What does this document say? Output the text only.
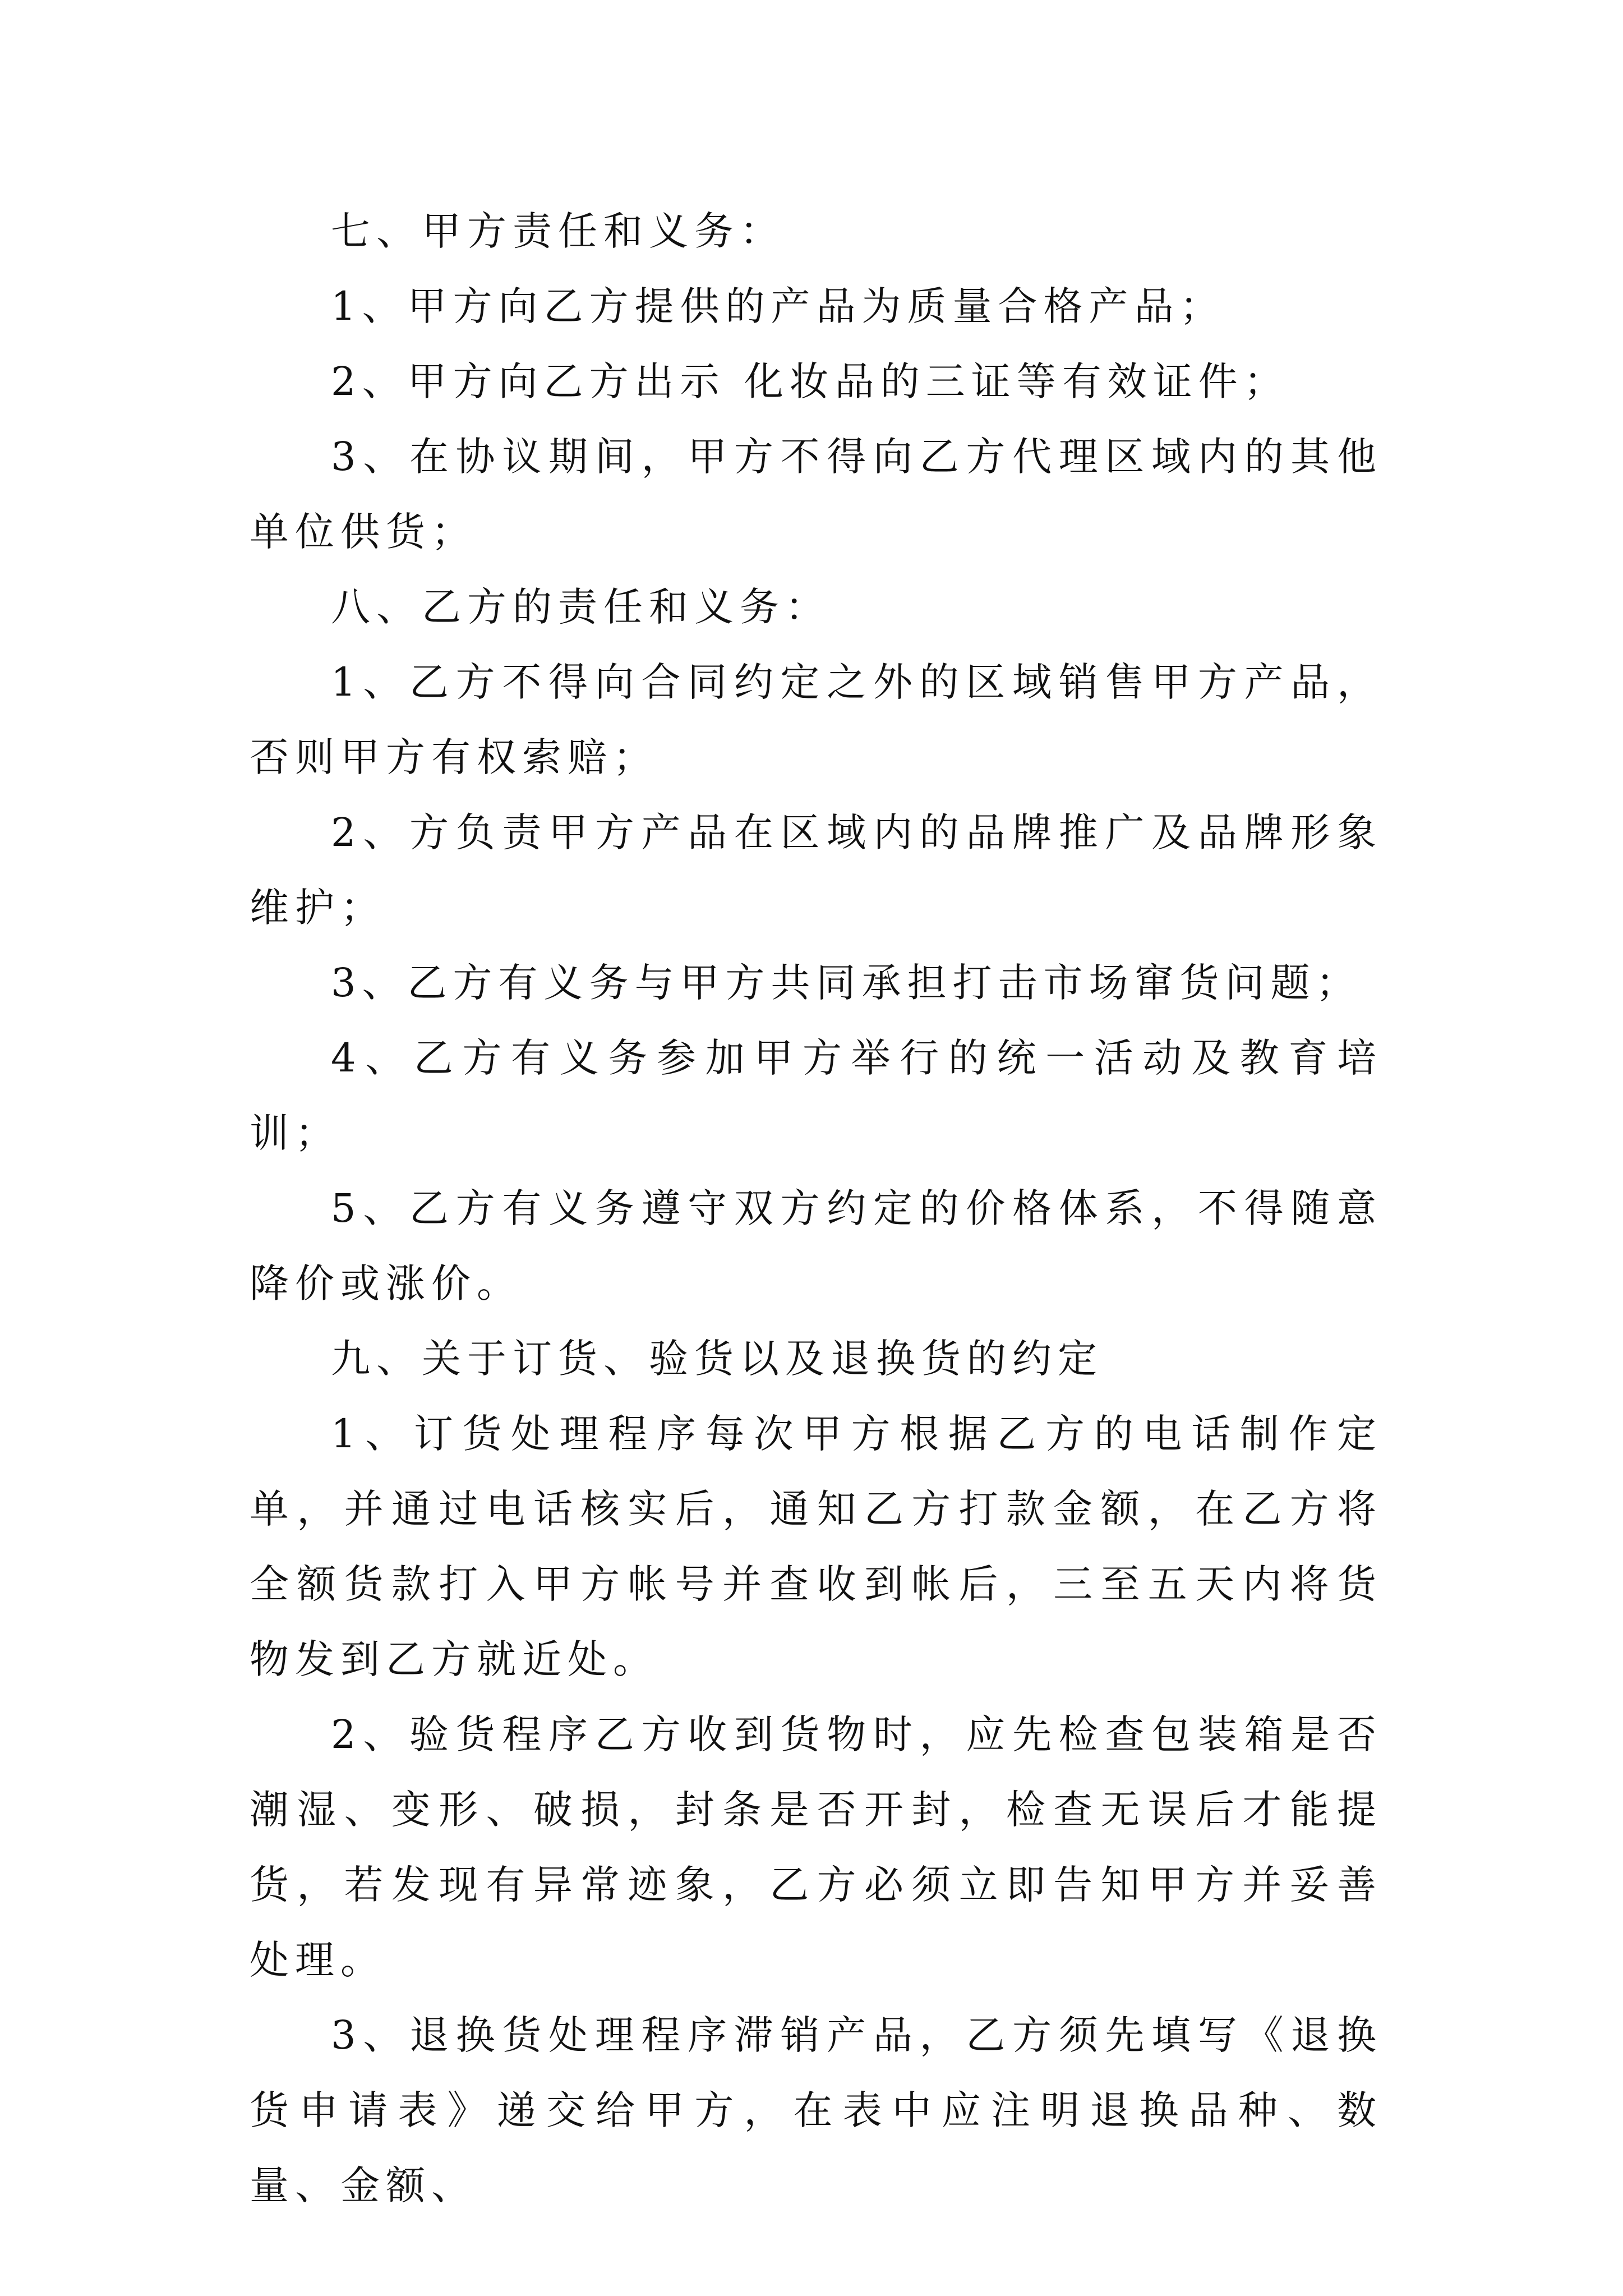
七、甲方责任和义务：

1、甲方向乙方提供的产品为质量合格产品；

2、甲方向乙方出示 化妆品的三证等有效证件；

3、在协议期间，甲方不得向乙方代理区域内的其他单位供货；

八、乙方的责任和义务：

1、乙方不得向合同约定之外的区域销售甲方产品，否则甲方有权索赔；

2、方负责甲方产品在区域内的品牌推广及品牌形象维护；

3、乙方有义务与甲方共同承担打击市场窜货问题；

4、乙方有义务参加甲方举行的统一活动及教育培训；

5、乙方有义务遵守双方约定的价格体系，不得随意降价或涨价。

九、关于订货、验货以及退换货的约定

1、订货处理程序每次甲方根据乙方的电话制作定单，并通过电话核实后，通知乙方打款金额，在乙方将全额货款打入甲方帐号并查收到帐后，三至五天内将货物发到乙方就近处。

2、验货程序乙方收到货物时，应先检查包装箱是否潮湿、变形、破损，封条是否开封，检查无误后才能提货，若发现有异常迹象，乙方必须立即告知甲方并妥善处理。

3、退换货处理程序滞销产品，乙方须先填写《退换货申请表》递交给甲方，在表中应注明退换品种、数量、金额、
